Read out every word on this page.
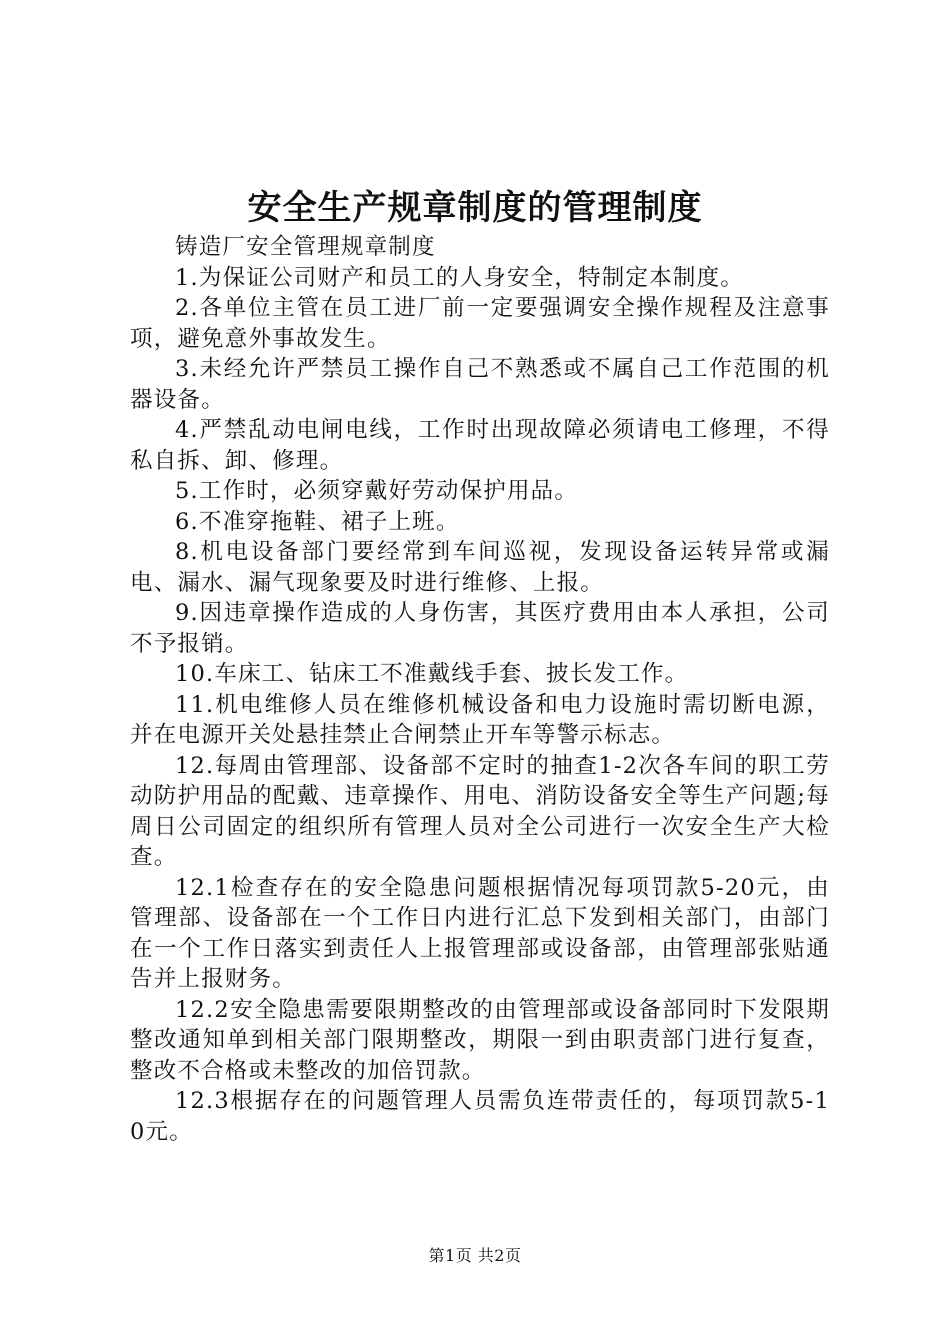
安全生产规章制度的管理制度

铸造厂安全管理规章制度

1.为保证公司财产和员工的人身安全，特制定本制度。

2.各单位主管在员工进厂前一定要强调安全操作规程及注意事项，避免意外事故发生。

3.未经允许严禁员工操作自己不熟悉或不属自己工作范围的机器设备。

4.严禁乱动电闸电线，工作时出现故障必须请电工修理，不得私自拆、卸、修理。

5.工作时，必须穿戴好劳动保护用品。

6.不准穿拖鞋、裙子上班。

8.机电设备部门要经常到车间巡视，发现设备运转异常或漏电、漏水、漏气现象要及时进行维修、上报。

9.因违章操作造成的人身伤害，其医疗费用由本人承担，公司不予报销。

10.车床工、钻床工不准戴线手套、披长发工作。

11.机电维修人员在维修机械设备和电力设施时需切断电源，并在电源开关处悬挂禁止合闸禁止开车等警示标志。

12.每周由管理部、设备部不定时的抽查1-2次各车间的职工劳动防护用品的配戴、违章操作、用电、消防设备安全等生产问题;每周日公司固定的组织所有管理人员对全公司进行一次安全生产大检查。

12.1检查存在的安全隐患问题根据情况每项罚款5-20元，由管理部、设备部在一个工作日内进行汇总下发到相关部门，由部门在一个工作日落实到责任人上报管理部或设备部，由管理部张贴通告并上报财务。

12.2安全隐患需要限期整改的由管理部或设备部同时下发限期整改通知单到相关部门限期整改，期限一到由职责部门进行复查，整改不合格或未整改的加倍罚款。

12.3根据存在的问题管理人员需负连带责任的，每项罚款5-10元。

第1页 共2页
